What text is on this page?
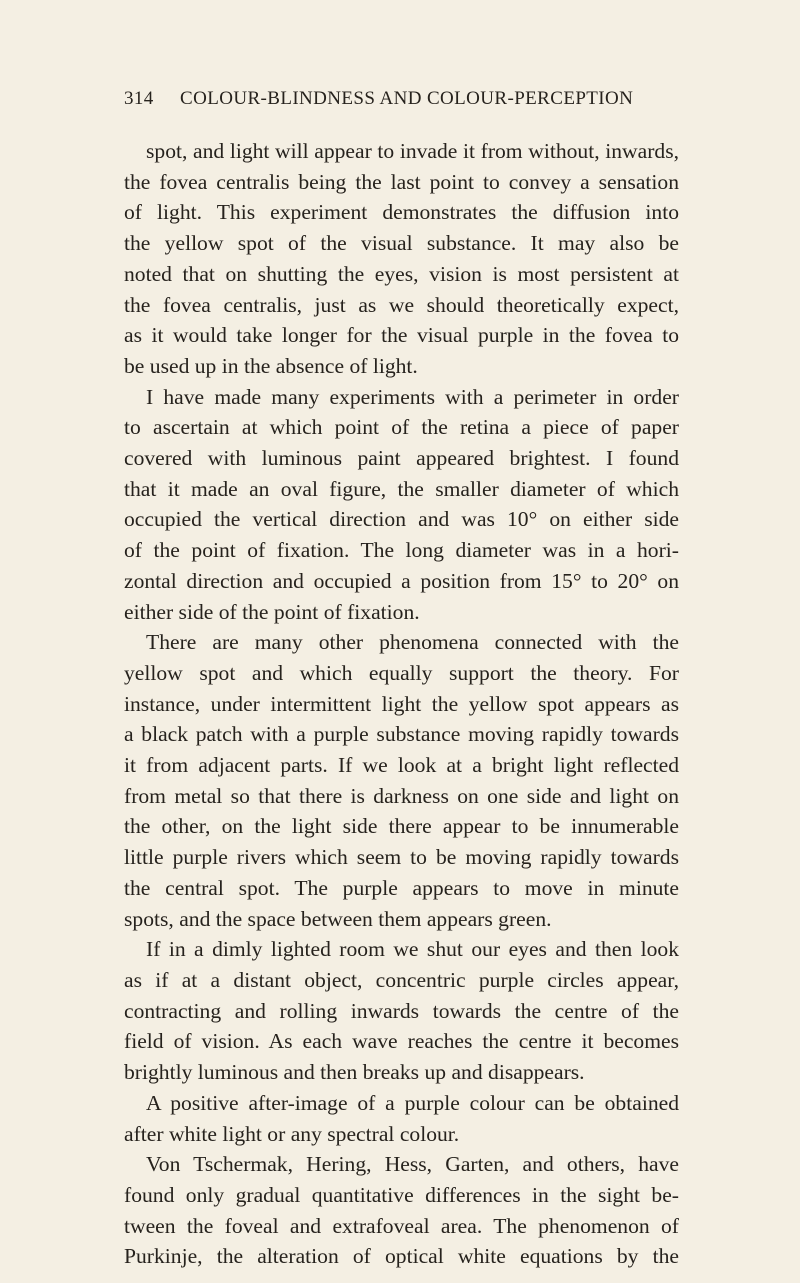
314 COLOUR-BLINDNESS AND COLOUR-PERCEPTION

spot, and light will appear to invade it from without, inwards,
the fovea centralis being the last point to convey a sensation
of light. This experiment demonstrates the diffusion into
the yellow spot of the visual substance. It may also be
noted that on shutting the eyes, vision is most persistent at
the fovea centralis, just as we should theoretically expect,
as it would take longer for the visual purple in the fovea to
be used up in the absence of light.

I have made many experiments with a perimeter in order
to ascertain at which point of the retina a piece of paper
covered with luminous paint appeared brightest. I found
that it made an oval figure, the smaller diameter of which
occupied the vertical direction and was 10° on either side
of the point of fixation. The long diameter was in a hori-
zontal direction and occupied a position from 15° to 20° on
either side of the point of fixation.

There are many other phenomena connected with the
yellow spot and which equally support the theory. For
instance, under intermittent light the yellow spot appears as
a black patch with a purple substance moving rapidly towards
it from adjacent parts. If we look at a bright light reflected
from metal so that there is darkness on one side and light on
the other, on the light side there appear to be innumerable
little purple rivers which seem to be moving rapidly towards
the central spot. The purple appears to move in minute
spots, and the space between them appears green.

If in a dimly lighted room we shut our eyes and then look
as if at a distant object, concentric purple circles appear,
contracting and rolling inwards towards the centre of the
field of vision. As each wave reaches the centre it becomes
brightly luminous and then breaks up and disappears.

A positive after-image of a purple colour can be obtained
after white light or any spectral colour.

Von Tschermak, Hering, Hess, Garten, and others, have
found only gradual quantitative differences in the sight be-
tween the foveal and extrafoveal area. The phenomenon of
Purkinje, the alteration of optical white equations by the
